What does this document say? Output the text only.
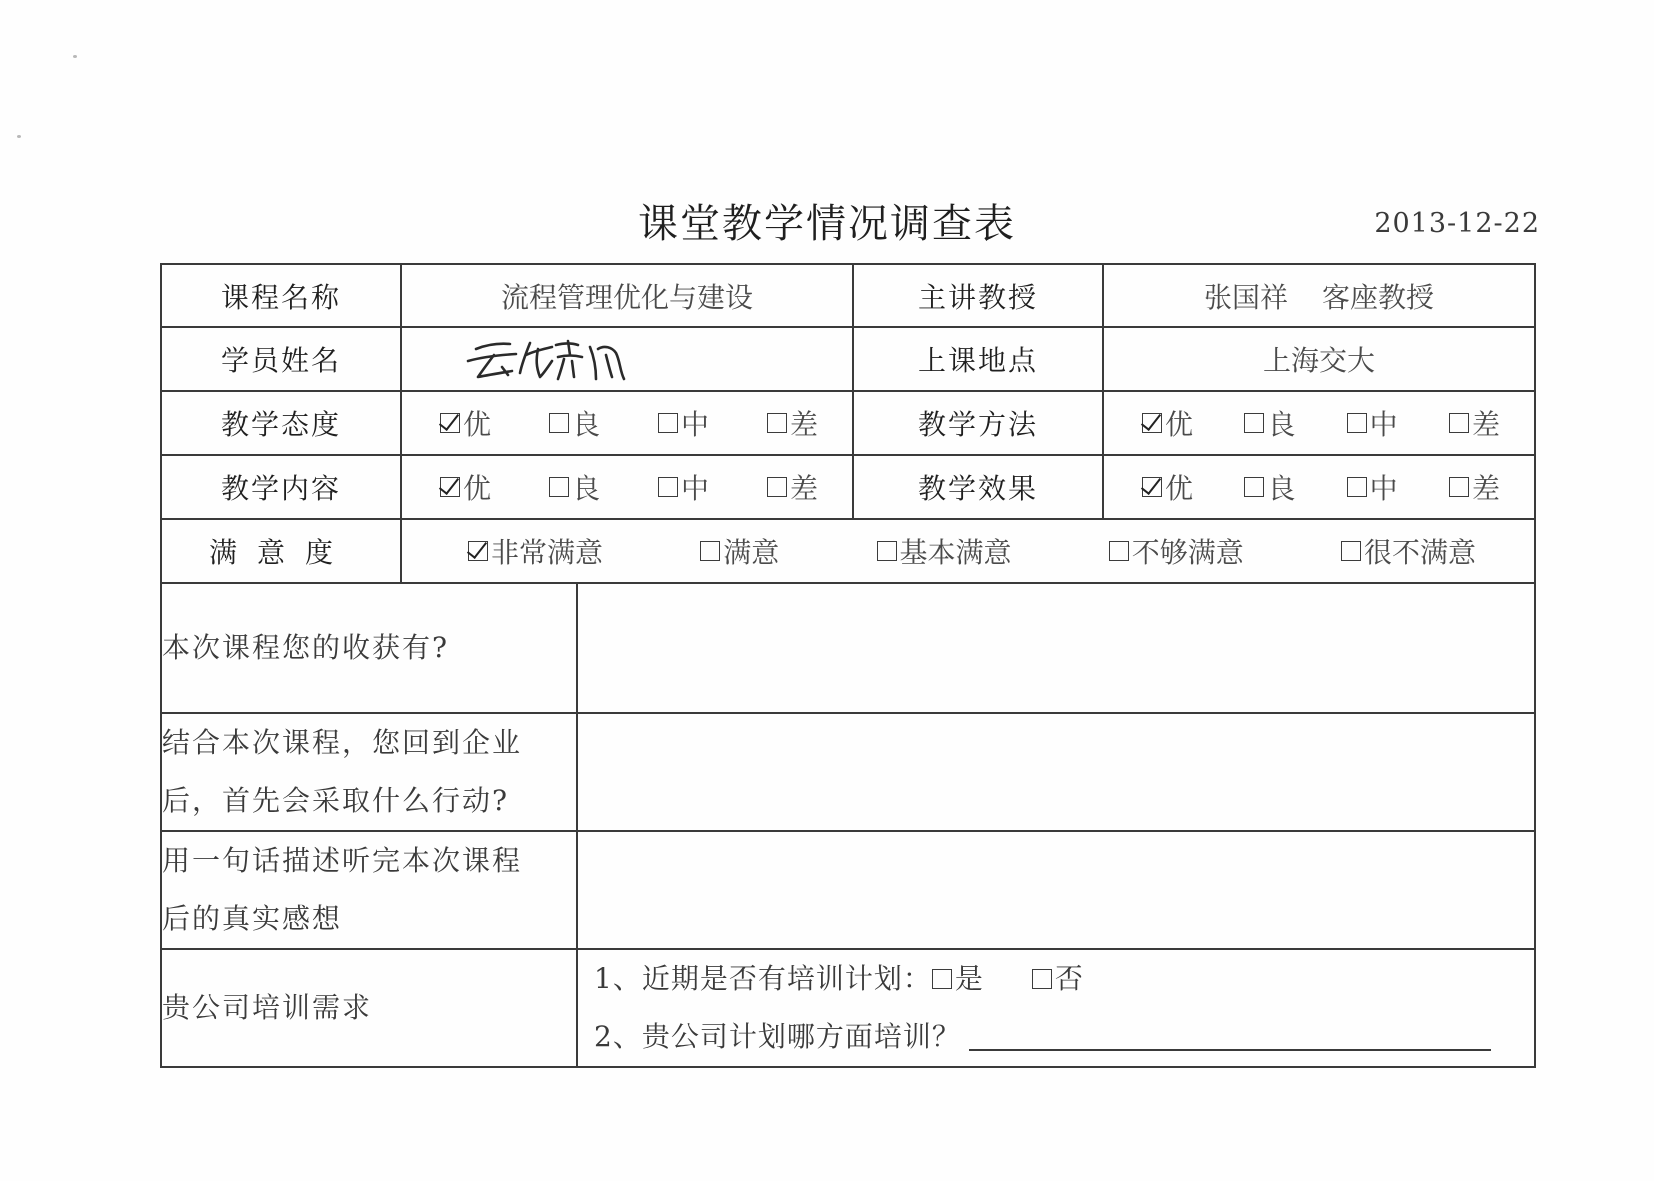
课堂教学情况调查表	2013-12-22
课程名称	流程管理优化与建设		主讲教授	张国祥 客座教授
学员姓名			上课地点	上海交大
教学态度	优 良 中 差		教学方法	优 良 中 差

教学内容	优 良 中 差		教学效果	优 良 中 差

满意度	非常满意 满意 基本满意 不够满意 很不满意			

本次课程您的收获有?				

结合本次课程，您回到企业
后，首先会采取什么行动?				

用一句话描述听完本次课程
后的真实感想				

贵公司培训需求		1、近期是否有培训计划： 是 否
2、贵公司计划哪方面培训？		
